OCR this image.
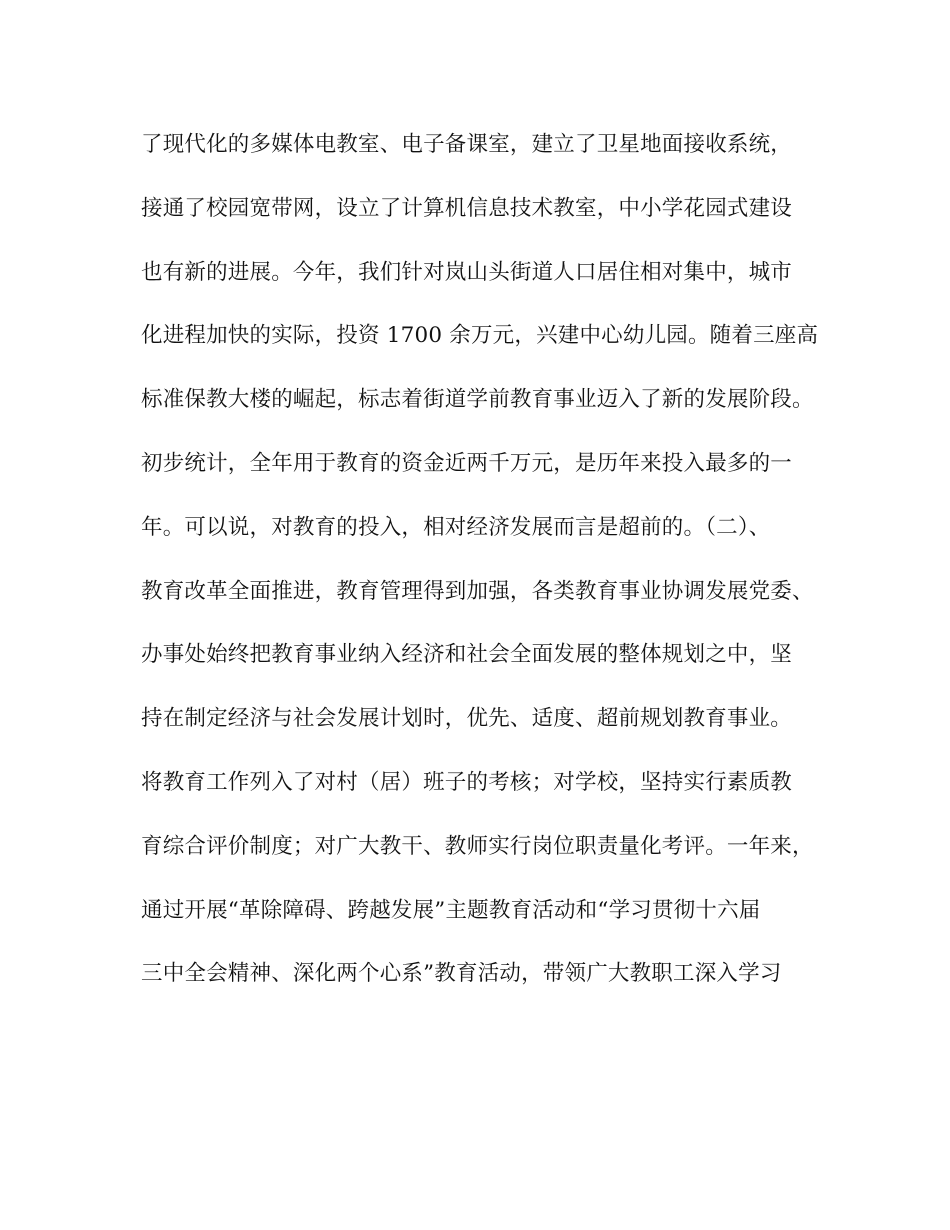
了现代化的多媒体电教室、电子备课室，建立了卫星地面接收系统，
接通了校园宽带网，设立了计算机信息技术教室，中小学花园式建设
也有新的进展。今年，我们针对岚山头街道人口居住相对集中，城市
化进程加快的实际，投资 1700 余万元，兴建中心幼儿园。随着三座高
标准保教大楼的崛起，标志着街道学前教育事业迈入了新的发展阶段。
初步统计，全年用于教育的资金近两千万元，是历年来投入最多的一
年。可以说，对教育的投入，相对经济发展而言是超前的。（二）、
教育改革全面推进，教育管理得到加强，各类教育事业协调发展党委、
办事处始终把教育事业纳入经济和社会全面发展的整体规划之中，坚
持在制定经济与社会发展计划时，优先、适度、超前规划教育事业。
将教育工作列入了对村（居）班子的考核；对学校，坚持实行素质教
育综合评价制度；对广大教干、教师实行岗位职责量化考评。一年来，
通过开展“革除障碍、跨越发展”主题教育活动和“学习贯彻十六届
三中全会精神、深化两个心系”教育活动，带领广大教职工深入学习
